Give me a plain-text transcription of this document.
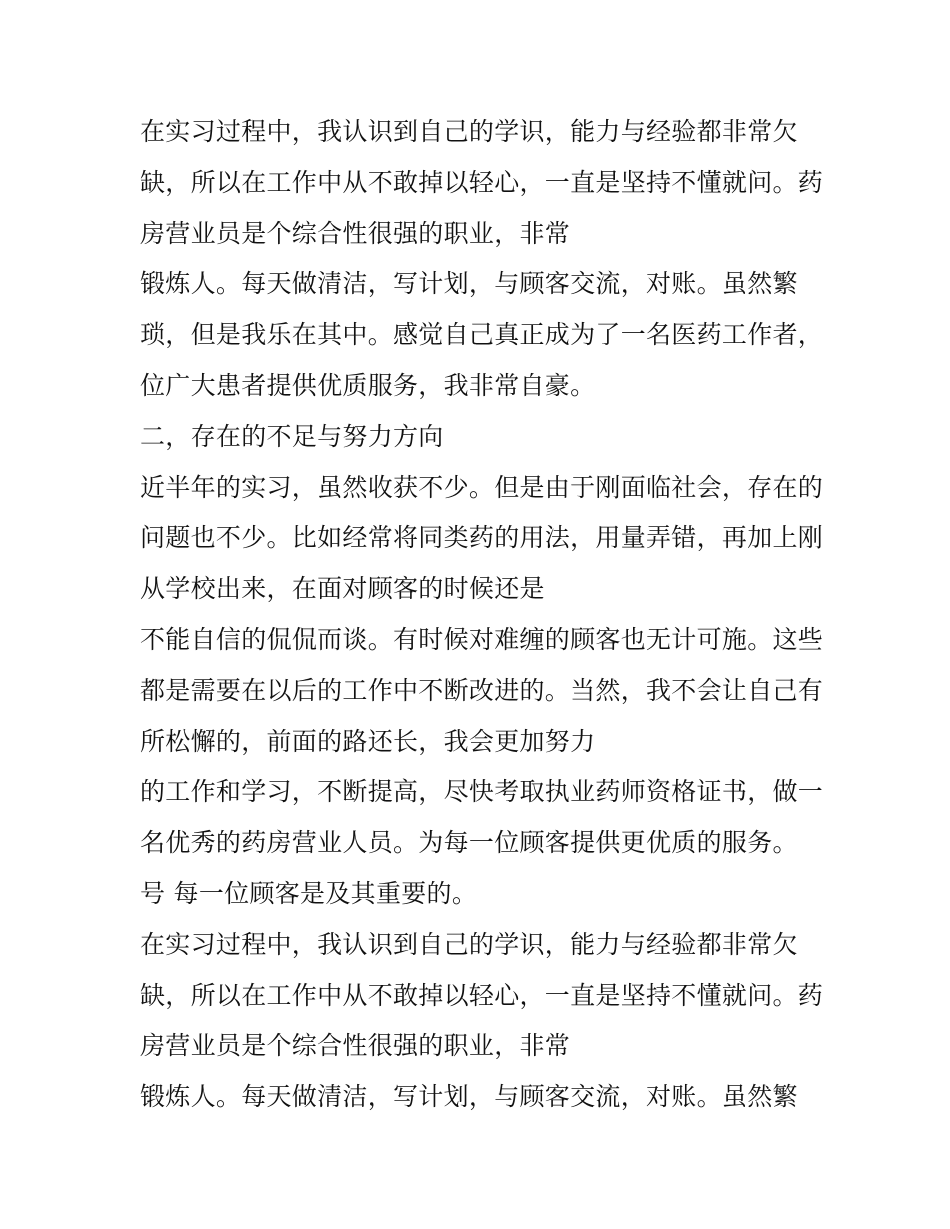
在实习过程中，我认识到自己的学识，能力与经验都非常欠
缺，所以在工作中从不敢掉以轻心，一直是坚持不懂就问。药
房营业员是个综合性很强的职业，非常
锻炼人。每天做清洁，写计划，与顾客交流，对账。虽然繁
琐，但是我乐在其中。感觉自己真正成为了一名医药工作者，
位广大患者提供优质服务，我非常自豪。
二，存在的不足与努力方向
近半年的实习，虽然收获不少。但是由于刚面临社会，存在的
问题也不少。比如经常将同类药的用法，用量弄错，再加上刚
从学校出来，在面对顾客的时候还是
不能自信的侃侃而谈。有时候对难缠的顾客也无计可施。这些
都是需要在以后的工作中不断改进的。当然，我不会让自己有
所松懈的，前面的路还长，我会更加努力
的工作和学习，不断提高，尽快考取执业药师资格证书，做一
名优秀的药房营业人员。为每一位顾客提供更优质的服务。
号 每一位顾客是及其重要的。
在实习过程中，我认识到自己的学识，能力与经验都非常欠
缺，所以在工作中从不敢掉以轻心，一直是坚持不懂就问。药
房营业员是个综合性很强的职业，非常
锻炼人。每天做清洁，写计划，与顾客交流，对账。虽然繁
